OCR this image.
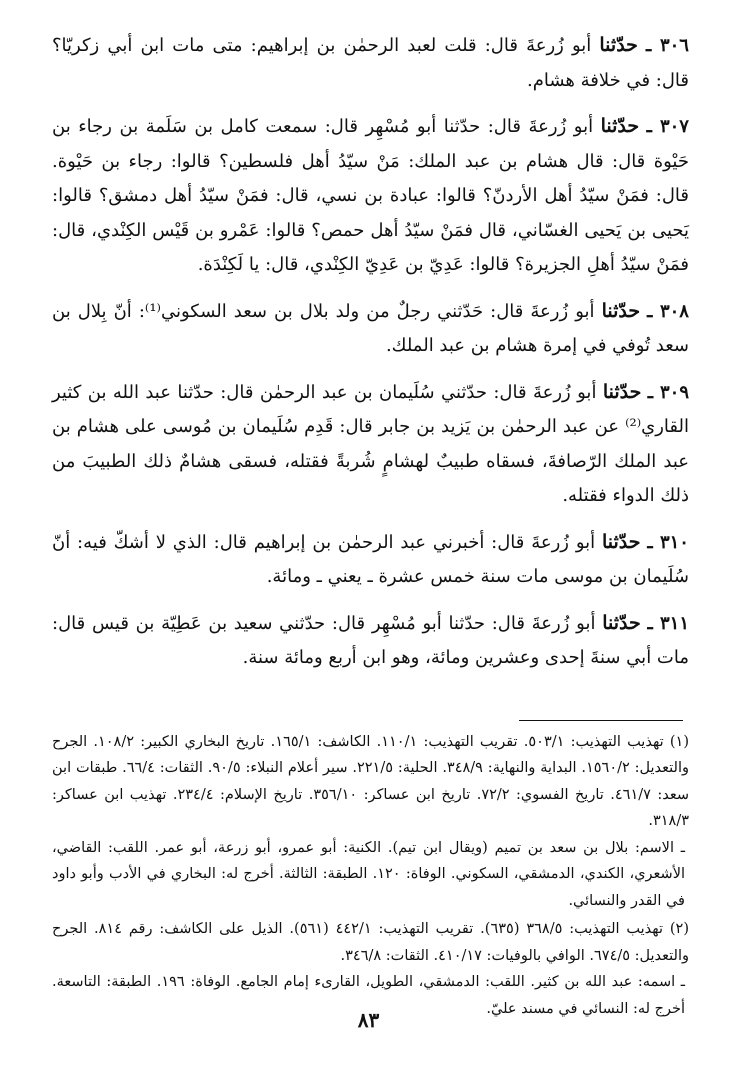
٣٠٦ ـ حدّثنا أبو زُرعةَ قال: قلت لعبد الرحمٰن بن إبراهيم: متى مات ابن أبي زكريّا؟ قال: في خلافة هشام.

٣٠٧ ـ حدّثنا أبو زُرعةَ قال: حدّثنا أبو مُسْهِر قال: سمعت كامل بن سَلَمة بن رجاء بن حَيْوة قال: قال هشام بن عبد الملك: مَنْ سيّدُ أهل فلسطين؟ قالوا: رجاء بن حَيْوة. قال: فمَنْ سيّدُ أهل الأردنّ؟ قالوا: عبادة بن نسي، قال: فمَنْ سيّدُ أهل دمشق؟ قالوا: يَحيى بن يَحيى الغسّاني، قال فمَنْ سيّدُ أهل حمص؟ قالوا: عَمْرو بن قَيْس الكِنْدي، قال: فمَنْ سيّدُ أهلِ الجزيرة؟ قالوا: عَدِيّ بن عَدِيّ الكِنْدي، قال: يا لَكِنْدَة.

٣٠٨ ـ حدّثنا أبو زُرعةَ قال: حَدّثني رجلٌ من ولد بلال بن سعد السكوني⁽¹⁾: أنّ بِلال بن سعد تُوفي في إمرة هشام بن عبد الملك.

٣٠٩ ـ حدّثنا أبو زُرعةَ قال: حدّثني سُلَيمان بن عبد الرحمٰن قال: حدّثنا عبد الله بن كثير القاري⁽²⁾ عن عبد الرحمٰن بن يَزيد بن جابر قال: قَدِم سُلَيمان بن مُوسى على هشام بن عبد الملك الرّصافةَ، فسقاه طبيبٌ لهشامٍ شُربةً فقتله، فسقى هشامٌ ذلك الطبيبَ من ذلك الدواء فقتله.

٣١٠ ـ حدّثنا أبو زُرعةَ قال: أخبرني عبد الرحمٰن بن إبراهيم قال: الذي لا أشكّ فيه: أنّ سُلَيمان بن موسى مات سنة خمس عشرة ـ يعني ـ ومائة.

٣١١ ـ حدّثنا أبو زُرعةَ قال: حدّثنا أبو مُسْهِر قال: حدّثني سعيد بن عَطِيّة بن قيس قال: مات أبي سنةَ إحدى وعشرين ومائة، وهو ابن أربع ومائة سنة.

(١) تهذيب التهذيب: ٥٠٣/١. تقريب التهذيب: ١١٠/١. الكاشف: ١٦٥/١. تاريخ البخاري الكبير: ١٠٨/٢. الجرح والتعديل: ١٥٦٠/٢. البداية والنهاية: ٣٤٨/٩. الحلية: ٢٢١/٥. سير أعلام النبلاء: ٩٠/٥. الثقات: ٦٦/٤. طبقات ابن سعد: ٤٦١/٧. تاريخ الفسوي: ٧٢/٢. تاريخ ابن عساكر: ٣٥٦/١٠. تاريخ الإسلام: ٢٣٤/٤. تهذيب ابن عساكر: ٣١٨/٣.

ـ الاسم: بلال بن سعد بن تميم (ويقال ابن تيم). الكنية: أبو عمرو، أبو زرعة، أبو عمر. اللقب: القاضي، الأشعري، الكندي، الدمشقي، السكوني. الوفاة: ١٢٠. الطبقة: الثالثة. أخرج له: البخاري في الأدب وأبو داود في القدر والنسائي.

(٢) تهذيب التهذيب: ٣٦٨/٥ (٦٣٥). تقريب التهذيب: ٤٤٢/١ (٥٦١). الذيل على الكاشف: رقم ٨١٤. الجرح والتعديل: ٦٧٤/٥. الوافي بالوفيات: ٤١٠/١٧. الثقات: ٣٤٦/٨.

ـ اسمه: عبد الله بن كثير. اللقب: الدمشقي، الطويل، القارىء إمام الجامع. الوفاة: ١٩٦. الطبقة: التاسعة. أخرج له: النسائي في مسند عليّ.

٨٣
